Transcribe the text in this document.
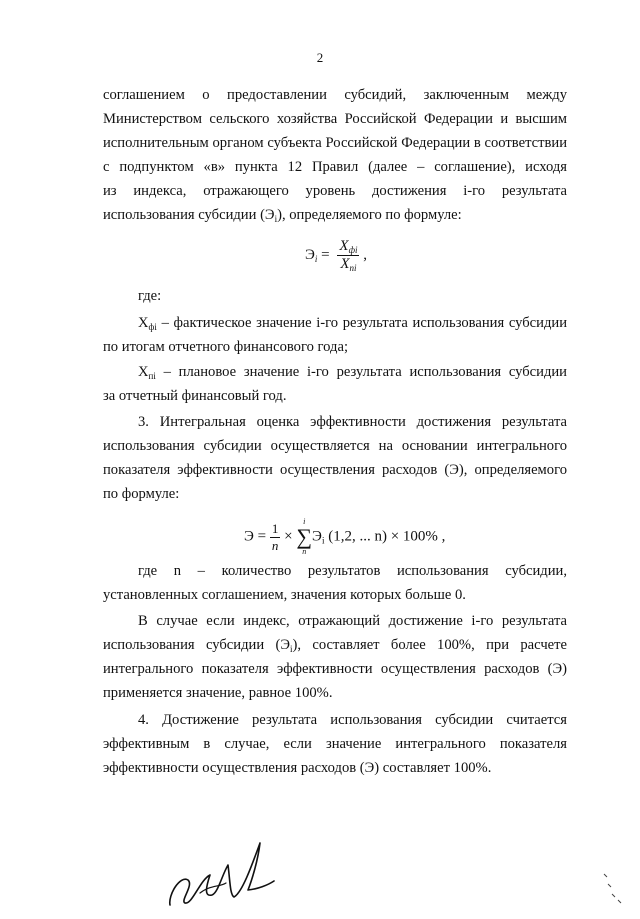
2

соглашением о предоставлении субсидий, заключенным между

Министерством сельского хозяйства Российской Федерации и высшим

исполнительным органом субъекта Российской Федерации в соответствии

с подпунктом «в» пункта 12 Правил (далее – соглашение), исходя

из индекса, отражающего уровень достижения i-го результата

использования субсидии $(Э_i)$, определяемого по формуле:

$Э_i = \frac{X_{фi}}{X_{пi}}$ ,

где:

$X_{фi}$ – фактическое значение i-го результата использования субсидии

по итогам отчетного финансового года;

$X_{пi}$ – плановое значение i-го результата использования субсидии

за отчетный финансовый год.

3. Интегральная оценка эффективности достижения результата

использования субсидии осуществляется на основании интегрального

показателя эффективности осуществления расходов (Э), определяемого

по формуле:

$Э = \frac{1}{n}$ ×
i
∑
n
$Э_i$ (1,2, ... n) × 100% ,

где n – количество результатов использования субсидии,

установленных соглашением, значения которых больше 0.

В случае если индекс, отражающий достижение i-го результата

использования субсидии $(Э_i)$, составляет более 100%, при расчете

интегрального показателя эффективности осуществления расходов (Э)

применяется значение, равное 100%.

4. Достижение результата использования субсидии считается

эффективным в случае, если значение интегрального показателя

эффективности осуществления расходов (Э) составляет 100%.
